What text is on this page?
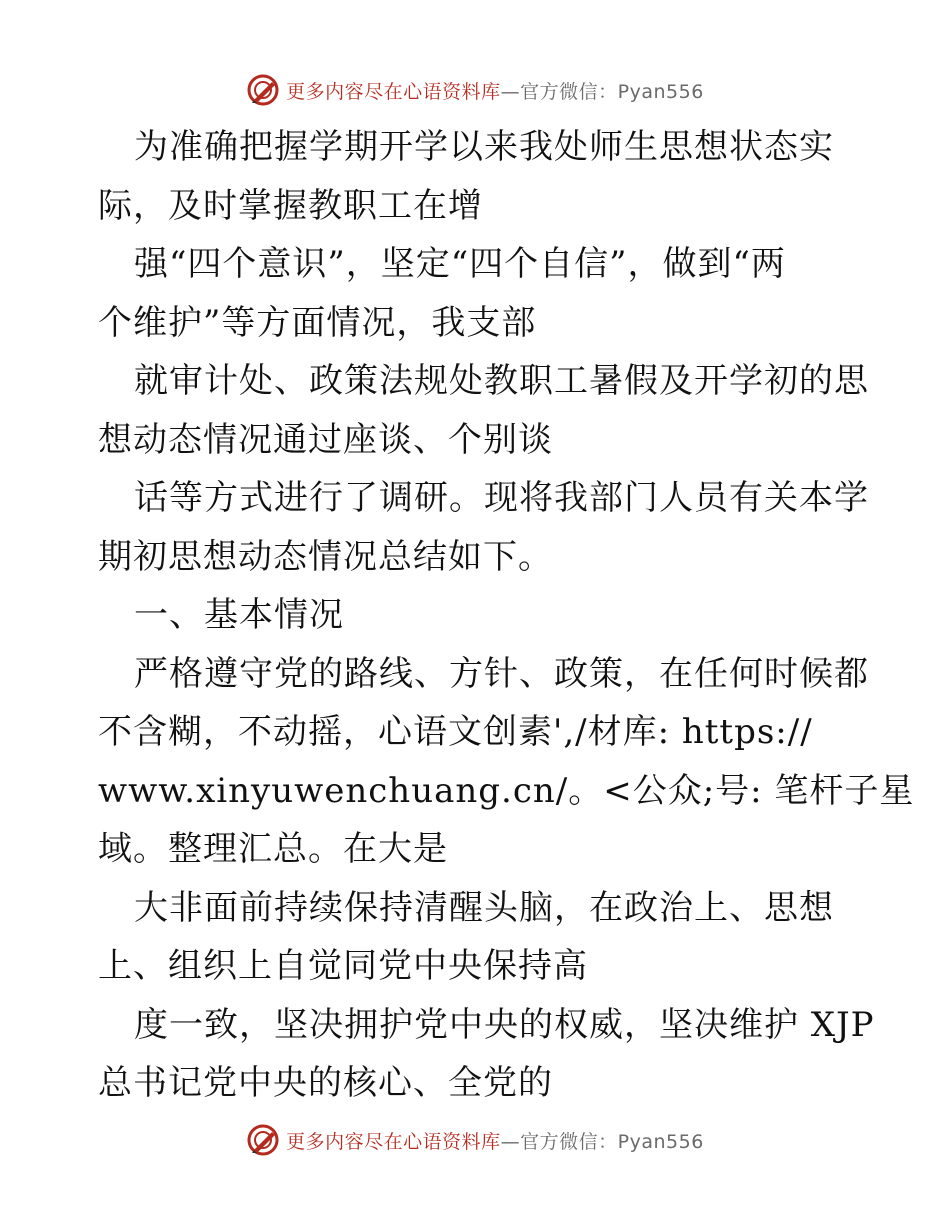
更多内容尽在心语资料库—官方微信：Pyan556
为准确把握学期开学以来我处师生思想状态实
际，及时掌握教职工在增
强“四个意识”，坚定“四个自信”，做到“两
个维护”等方面情况，我支部
就审计处、政策法规处教职工暑假及开学初的思
想动态情况通过座谈、个别谈
话等方式进行了调研。现将我部门人员有关本学
期初思想动态情况总结如下。
一、基本情况
严格遵守党的路线、方针、政策，在任何时候都
不含糊，不动摇，心语文创素',/材库: https://
www.xinyuwenchuang.cn/。<公众;号: 笔杆子星
域。整理汇总。在大是
大非面前持续保持清醒头脑，在政治上、思想
上、组织上自觉同党中央保持高
度一致，坚决拥护党中央的权威，坚决维护 XJP
总书记党中央的核心、全党的
更多内容尽在心语资料库—官方微信：Pyan556
